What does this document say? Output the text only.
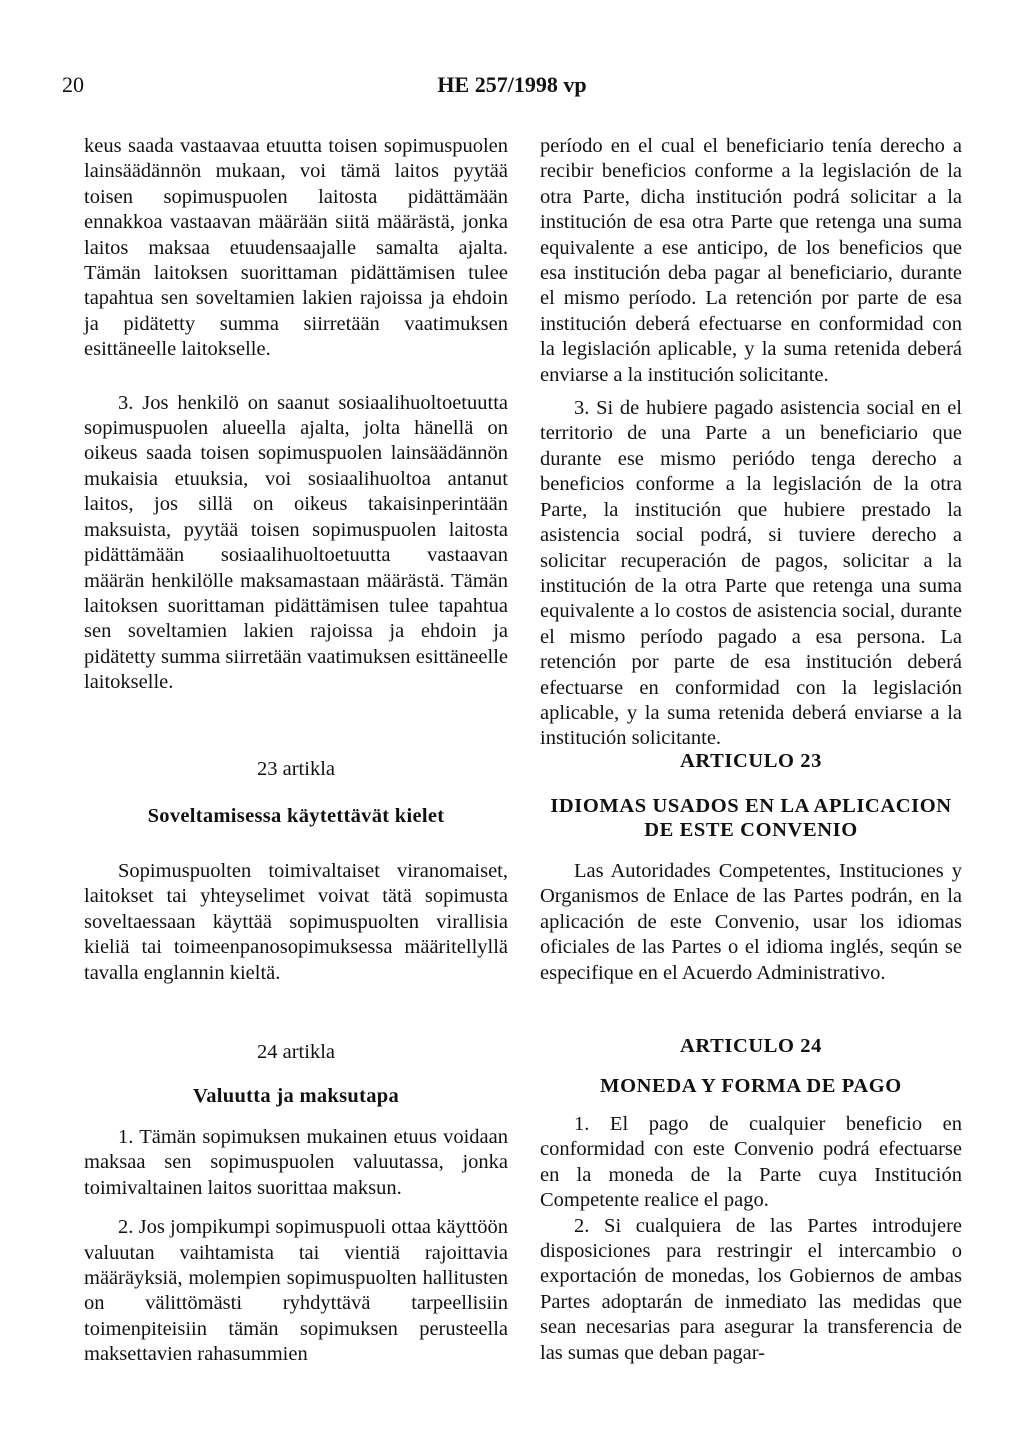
20	HE 257/1998 vp

keus saada vastaavaa etuutta toisen sopimuspuolen lainsäädännön mukaan, voi tämä laitos pyytää toisen sopimuspuolen laitosta pidättämään ennakkoa vastaavan määrään siitä määrästä, jonka laitos maksaa etuudensaajalle samalta ajalta. Tämän laitoksen suorittaman pidättämisen tulee tapahtua sen soveltamien lakien rajoissa ja ehdoin ja pidätetty summa siirretään vaatimuksen esittäneelle laitokselle.

3. Jos henkilö on saanut sosiaalihuoltoetuutta sopimuspuolen alueella ajalta, jolta hänellä on oikeus saada toisen sopimuspuolen lainsäädännön mukaisia etuuksia, voi sosiaalihuoltoa antanut laitos, jos sillä on oikeus takaisinperintään maksuista, pyytää toisen sopimuspuolen laitosta pidättämään sosiaalihuoltoetuutta vastaavan määrän henkilölle maksamastaan määrästä. Tämän laitoksen suorittaman pidättämisen tulee tapahtua sen soveltamien lakien rajoissa ja ehdoin ja pidätetty summa siirretään vaatimuksen esittäneelle laitokselle.

período en el cual el beneficiario tenía derecho a recibir beneficios conforme a la legislación de la otra Parte, dicha institución podrá solicitar a la institución de esa otra Parte que retenga una suma equivalente a ese anticipo, de los beneficios que esa institución deba pagar al beneficiario, durante el mismo período. La retención por parte de esa institución deberá efectuarse en conformidad con la legislación aplicable, y la suma retenida deberá enviarse a la institución solicitante.

3. Si de hubiere pagado asistencia social en el territorio de una Parte a un beneficiario que durante ese mismo periódo tenga derecho a beneficios conforme a la legislación de la otra Parte, la institución que hubiere prestado la asistencia social podrá, si tuviere derecho a solicitar recuperación de pagos, solicitar a la institución de la otra Parte que retenga una suma equivalente a lo costos de asistencia social, durante el mismo período pagado a esa persona. La retención por parte de esa institución deberá efectuarse en conformidad con la legislación aplicable, y la suma retenida deberá enviarse a la institución solicitante.

23 artikla
Soveltamisessa käytettävät kielet

Sopimuspuolten toimivaltaiset viranomaiset, laitokset tai yhteyselimet voivat tätä sopimusta soveltaessaan käyttää sopimuspuolten virallisia kieliä tai toimeenpanosopimuksessa määritellyllä tavalla englannin kieltä.

ARTICULO 23
IDIOMAS USADOS EN LA APLICACION
DE ESTE CONVENIO

Las Autoridades Competentes, Instituciones y Organismos de Enlace de las Partes podrán, en la aplicación de este Convenio, usar los idiomas oficiales de las Partes o el idioma inglés, seqún se especifique en el Acuerdo Administrativo.

24 artikla
Valuutta ja maksutapa

1. Tämän sopimuksen mukainen etuus voidaan maksaa sen sopimuspuolen valuutassa, jonka toimivaltainen laitos suorittaa maksun.

2. Jos jompikumpi sopimuspuoli ottaa käyttöön valuutan vaihtamista tai vientiä rajoittavia määräyksiä, molempien sopimuspuolten hallitusten on välittömästi ryhdyttävä tarpeellisiin toimenpiteisiin tämän sopimuksen perusteella maksettavien rahasummien

ARTICULO 24
MONEDA Y FORMA DE PAGO

1. El pago de cualquier beneficio en conformidad con este Convenio podrá efectuarse en la moneda de la Parte cuya Institución Competente realice el pago.

2. Si cualquiera de las Partes introdujere disposiciones para restringir el intercambio o exportación de monedas, los Gobiernos de ambas Partes adoptarán de inmediato las medidas que sean necesarias para asegurar la transferencia de las sumas que deban pagar-
